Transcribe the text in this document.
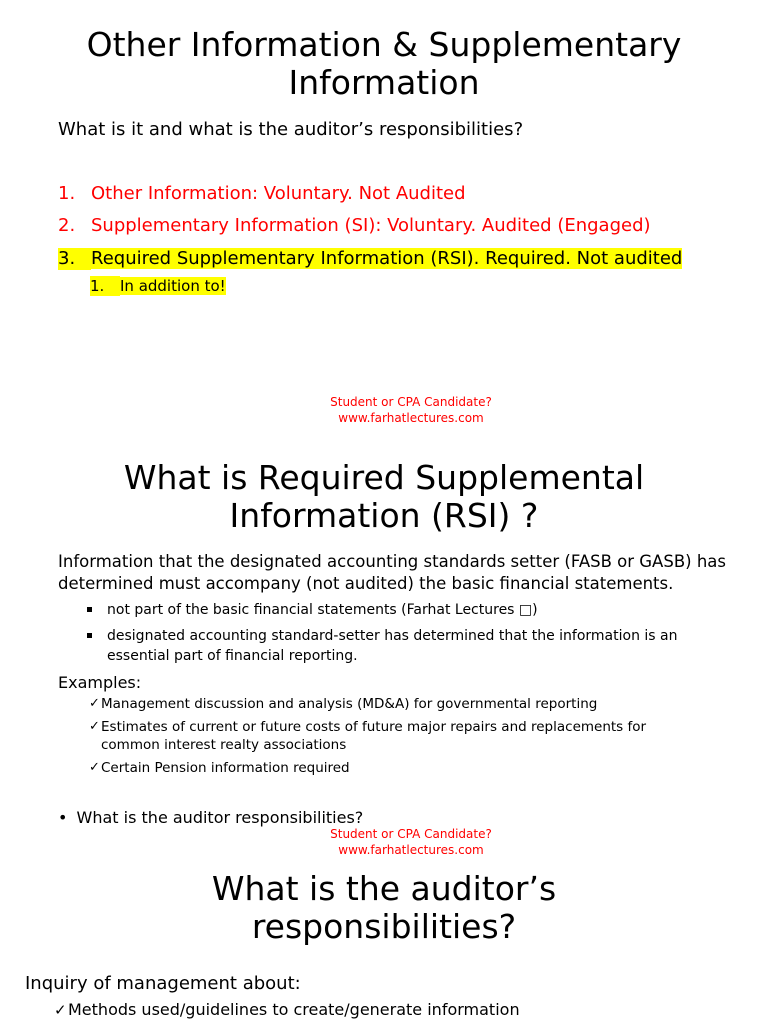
Other Information & Supplementary
Information
What is it and what is the auditor’s responsibilities?
1. Other Information: Voluntary. Not Audited
2. Supplementary Information (SI): Voluntary. Audited (Engaged)
3. Required Supplementary Information (RSI). Required. Not audited
1. In addition to!
Student or CPA Candidate?
www.farhatlectures.com
What is Required Supplemental
Information (RSI) ?
Information that the designated accounting standards setter (FASB or GASB) has
determined must accompany (not audited) the basic financial statements.
not part of the basic financial statements (Farhat Lectures □)
designated accounting standard-setter has determined that the information is an
essential part of financial reporting.
Examples:
✓ Management discussion and analysis (MD&A) for governmental reporting
✓ Estimates of current or future costs of future major repairs and replacements for
common interest realty associations
✓ Certain Pension information required
• What is the auditor responsibilities?
Student or CPA Candidate?
www.farhatlectures.com
What is the auditor’s
responsibilities?
Inquiry of management about:
✓ Methods used/guidelines to create/generate information
